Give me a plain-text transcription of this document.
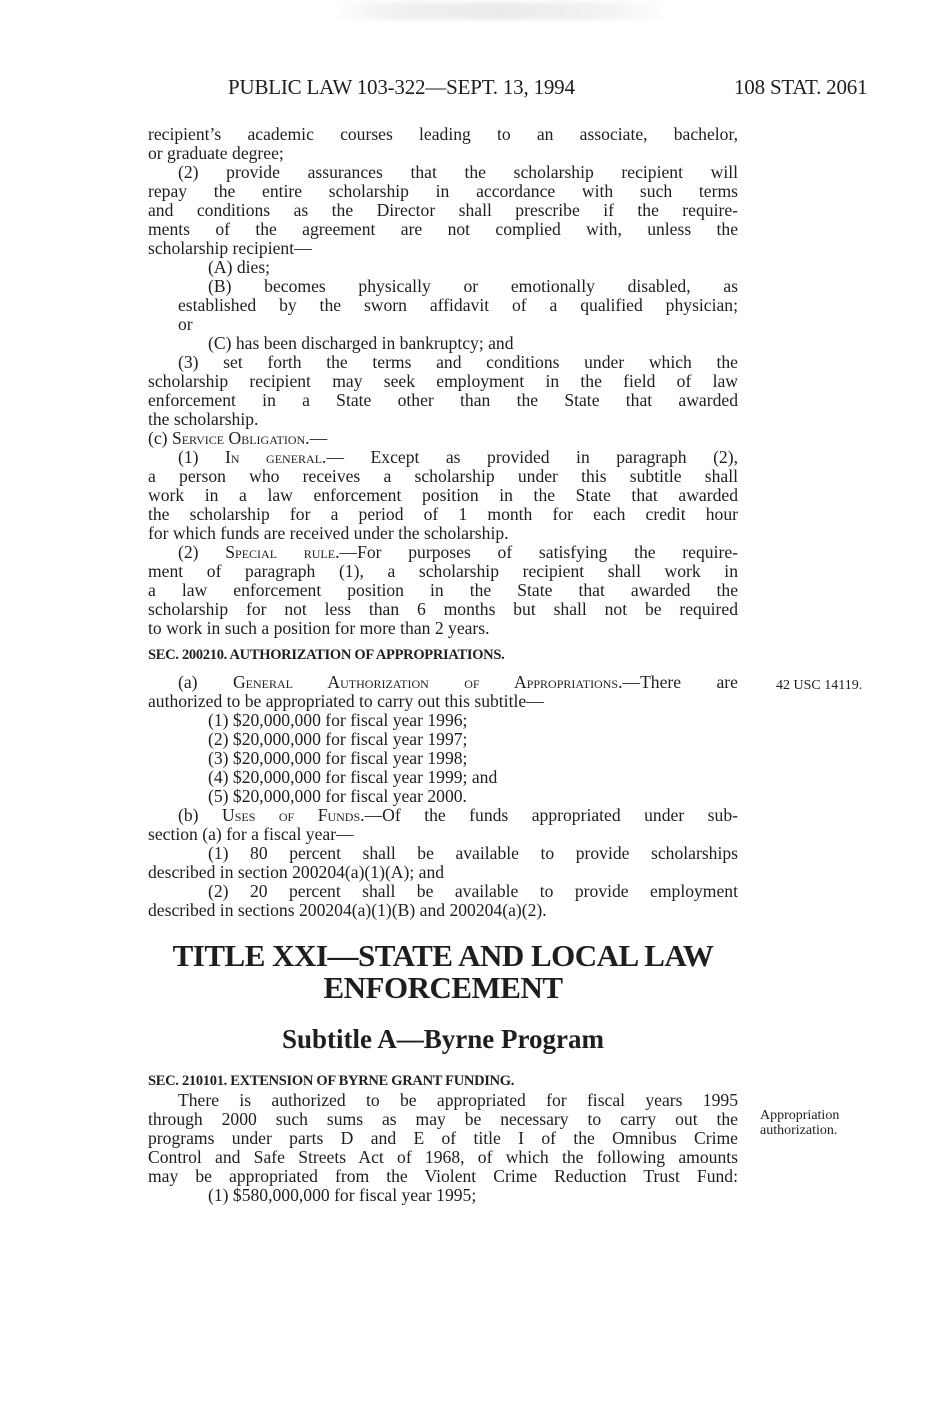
PUBLIC LAW 103-322—SEPT. 13, 1994	108 STAT. 2061
recipient’s academic courses leading to an associate, bachelor,
or graduate degree;
(2) provide assurances that the scholarship recipient will
repay the entire scholarship in accordance with such terms
and conditions as the Director shall prescribe if the require-
ments of the agreement are not complied with, unless the
scholarship recipient—
(A) dies;
(B) becomes physically or emotionally disabled, as
established by the sworn affidavit of a qualified physician;
or
(C) has been discharged in bankruptcy; and
(3) set forth the terms and conditions under which the
scholarship recipient may seek employment in the field of law
enforcement in a State other than the State that awarded
the scholarship.
(c) Service Obligation.—
(1) In general.— Except as provided in paragraph (2),
a person who receives a scholarship under this subtitle shall
work in a law enforcement position in the State that awarded
the scholarship for a period of 1 month for each credit hour
for which funds are received under the scholarship.
(2) Special rule.—For purposes of satisfying the require-
ment of paragraph (1), a scholarship recipient shall work in
a law enforcement position in the State that awarded the
scholarship for not less than 6 months but shall not be required
to work in such a position for more than 2 years.
SEC. 200210. AUTHORIZATION OF APPROPRIATIONS.
(a) General Authorization of Appropriations.—There are
authorized to be appropriated to carry out this subtitle—
(1) $20,000,000 for fiscal year 1996;
(2) $20,000,000 for fiscal year 1997;
(3) $20,000,000 for fiscal year 1998;
(4) $20,000,000 for fiscal year 1999; and
(5) $20,000,000 for fiscal year 2000.
(b) Uses of Funds.—Of the funds appropriated under sub-
section (a) for a fiscal year—
(1) 80 percent shall be available to provide scholarships
described in section 200204(a)(1)(A); and
(2) 20 percent shall be available to provide employment
described in sections 200204(a)(1)(B) and 200204(a)(2).
TITLE XXI—STATE AND LOCAL LAW
ENFORCEMENT
Subtitle A—Byrne Program
SEC. 210101. EXTENSION OF BYRNE GRANT FUNDING.
There is authorized to be appropriated for fiscal years 1995
through 2000 such sums as may be necessary to carry out the
programs under parts D and E of title I of the Omnibus Crime
Control and Safe Streets Act of 1968, of which the following amounts
may be appropriated from the Violent Crime Reduction Trust Fund:
(1) $580,000,000 for fiscal year 1995;
42 USC 14119.
Appropriation
authorization.
